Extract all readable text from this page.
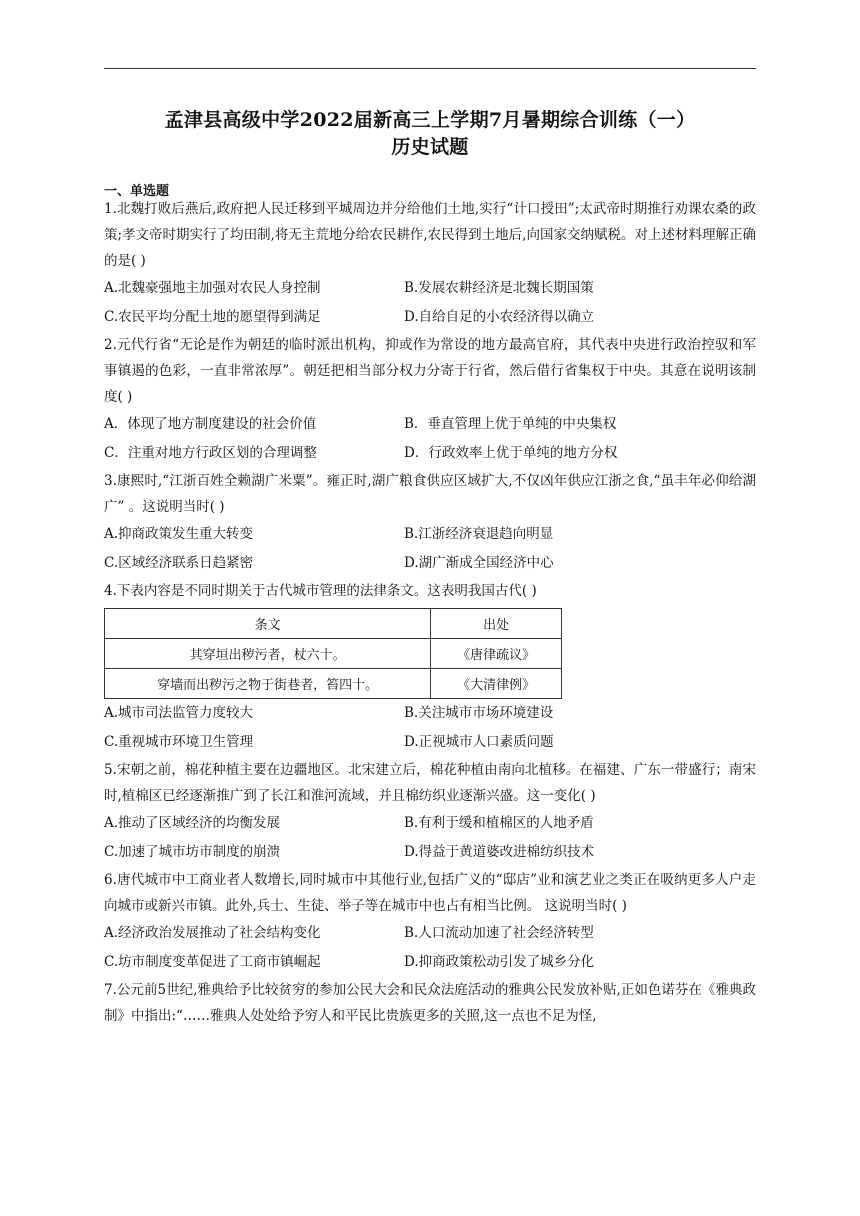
孟津县高级中学2022届新高三上学期7月暑期综合训练（一）
历史试题
一、单选题

1.北魏打败后燕后,政府把人民迁移到平城周边并分给他们土地,实行“计口授田”;太武帝时期推行劝课农桑的政策;孝文帝时期实行了均田制,将无主荒地分给农民耕作,农民得到土地后,向国家交纳赋税。对上述材料理解正确的是( )

A.北魏豪强地主加强对农民人身控制	B.发展农耕经济是北魏长期国策
C.农民平均分配土地的愿望得到满足	D.自给自足的小农经济得以确立

2.元代行省“无论是作为朝廷的临时派出机构，抑或作为常设的地方最高官府，其代表中央进行政治控驭和军事镇遏的色彩，一直非常浓厚”。朝廷把相当部分权力分寄于行省，然后借行省集权于中央。其意在说明该制度( )

A．体现了地方制度建设的社会价值	B．垂直管理上优于单纯的中央集权
C．注重对地方行政区划的合理调整	D．行政效率上优于单纯的地方分权

3.康熙时,“江浙百姓全赖湖广米粟”。雍正时,湖广粮食供应区域扩大,不仅凶年供应江浙之食,“虽丰年必仰给湖广” 。这说明当时( )

A.抑商政策发生重大转变	B.江浙经济衰退趋向明显
C.区域经济联系日趋紧密	D.湖广渐成全国经济中心

4.下表内容是不同时期关于古代城市管理的法律条文。这表明我国古代( )

条文	出处
其穿垣出秽污者，杖六十。	《唐律疏议》
穿墙而出秽污之物于街巷者，笞四十。	《大清律例》
A.城市司法监管力度较大	B.关注城市市场环境建设
C.重视城市环境卫生管理	D.正视城市人口素质问题

5.宋朝之前，棉花种植主要在边疆地区。北宋建立后，棉花种植由南向北植移。在福建、广东一带盛行；南宋时,植棉区已经逐渐推广到了长江和淮河流域，并且棉纺织业逐渐兴盛。这一变化( )

A.推动了区域经济的均衡发展	B.有利于缓和植棉区的人地矛盾
C.加速了城市坊市制度的崩溃	D.得益于黄道婆改进棉纺织技术

6.唐代城市中工商业者人数增长,同时城市中其他行业,包括广义的“邸店”业和演艺业之类正在吸纳更多人户走向城市或新兴市镇。此外,兵士、生徒、举子等在城市中也占有相当比例。 这说明当时( )

A.经济政治发展推动了社会结构变化	B.人口流动加速了社会经济转型
C.坊市制度变革促进了工商市镇崛起	D.抑商政策松动引发了城乡分化

7.公元前5世纪,雅典给予比较贫穷的参加公民大会和民众法庭活动的雅典公民发放补贴,正如色诺芬在《雅典政制》中指出:“……雅典人处处给予穷人和平民比贵族更多的关照,这一点也不足为怪,
